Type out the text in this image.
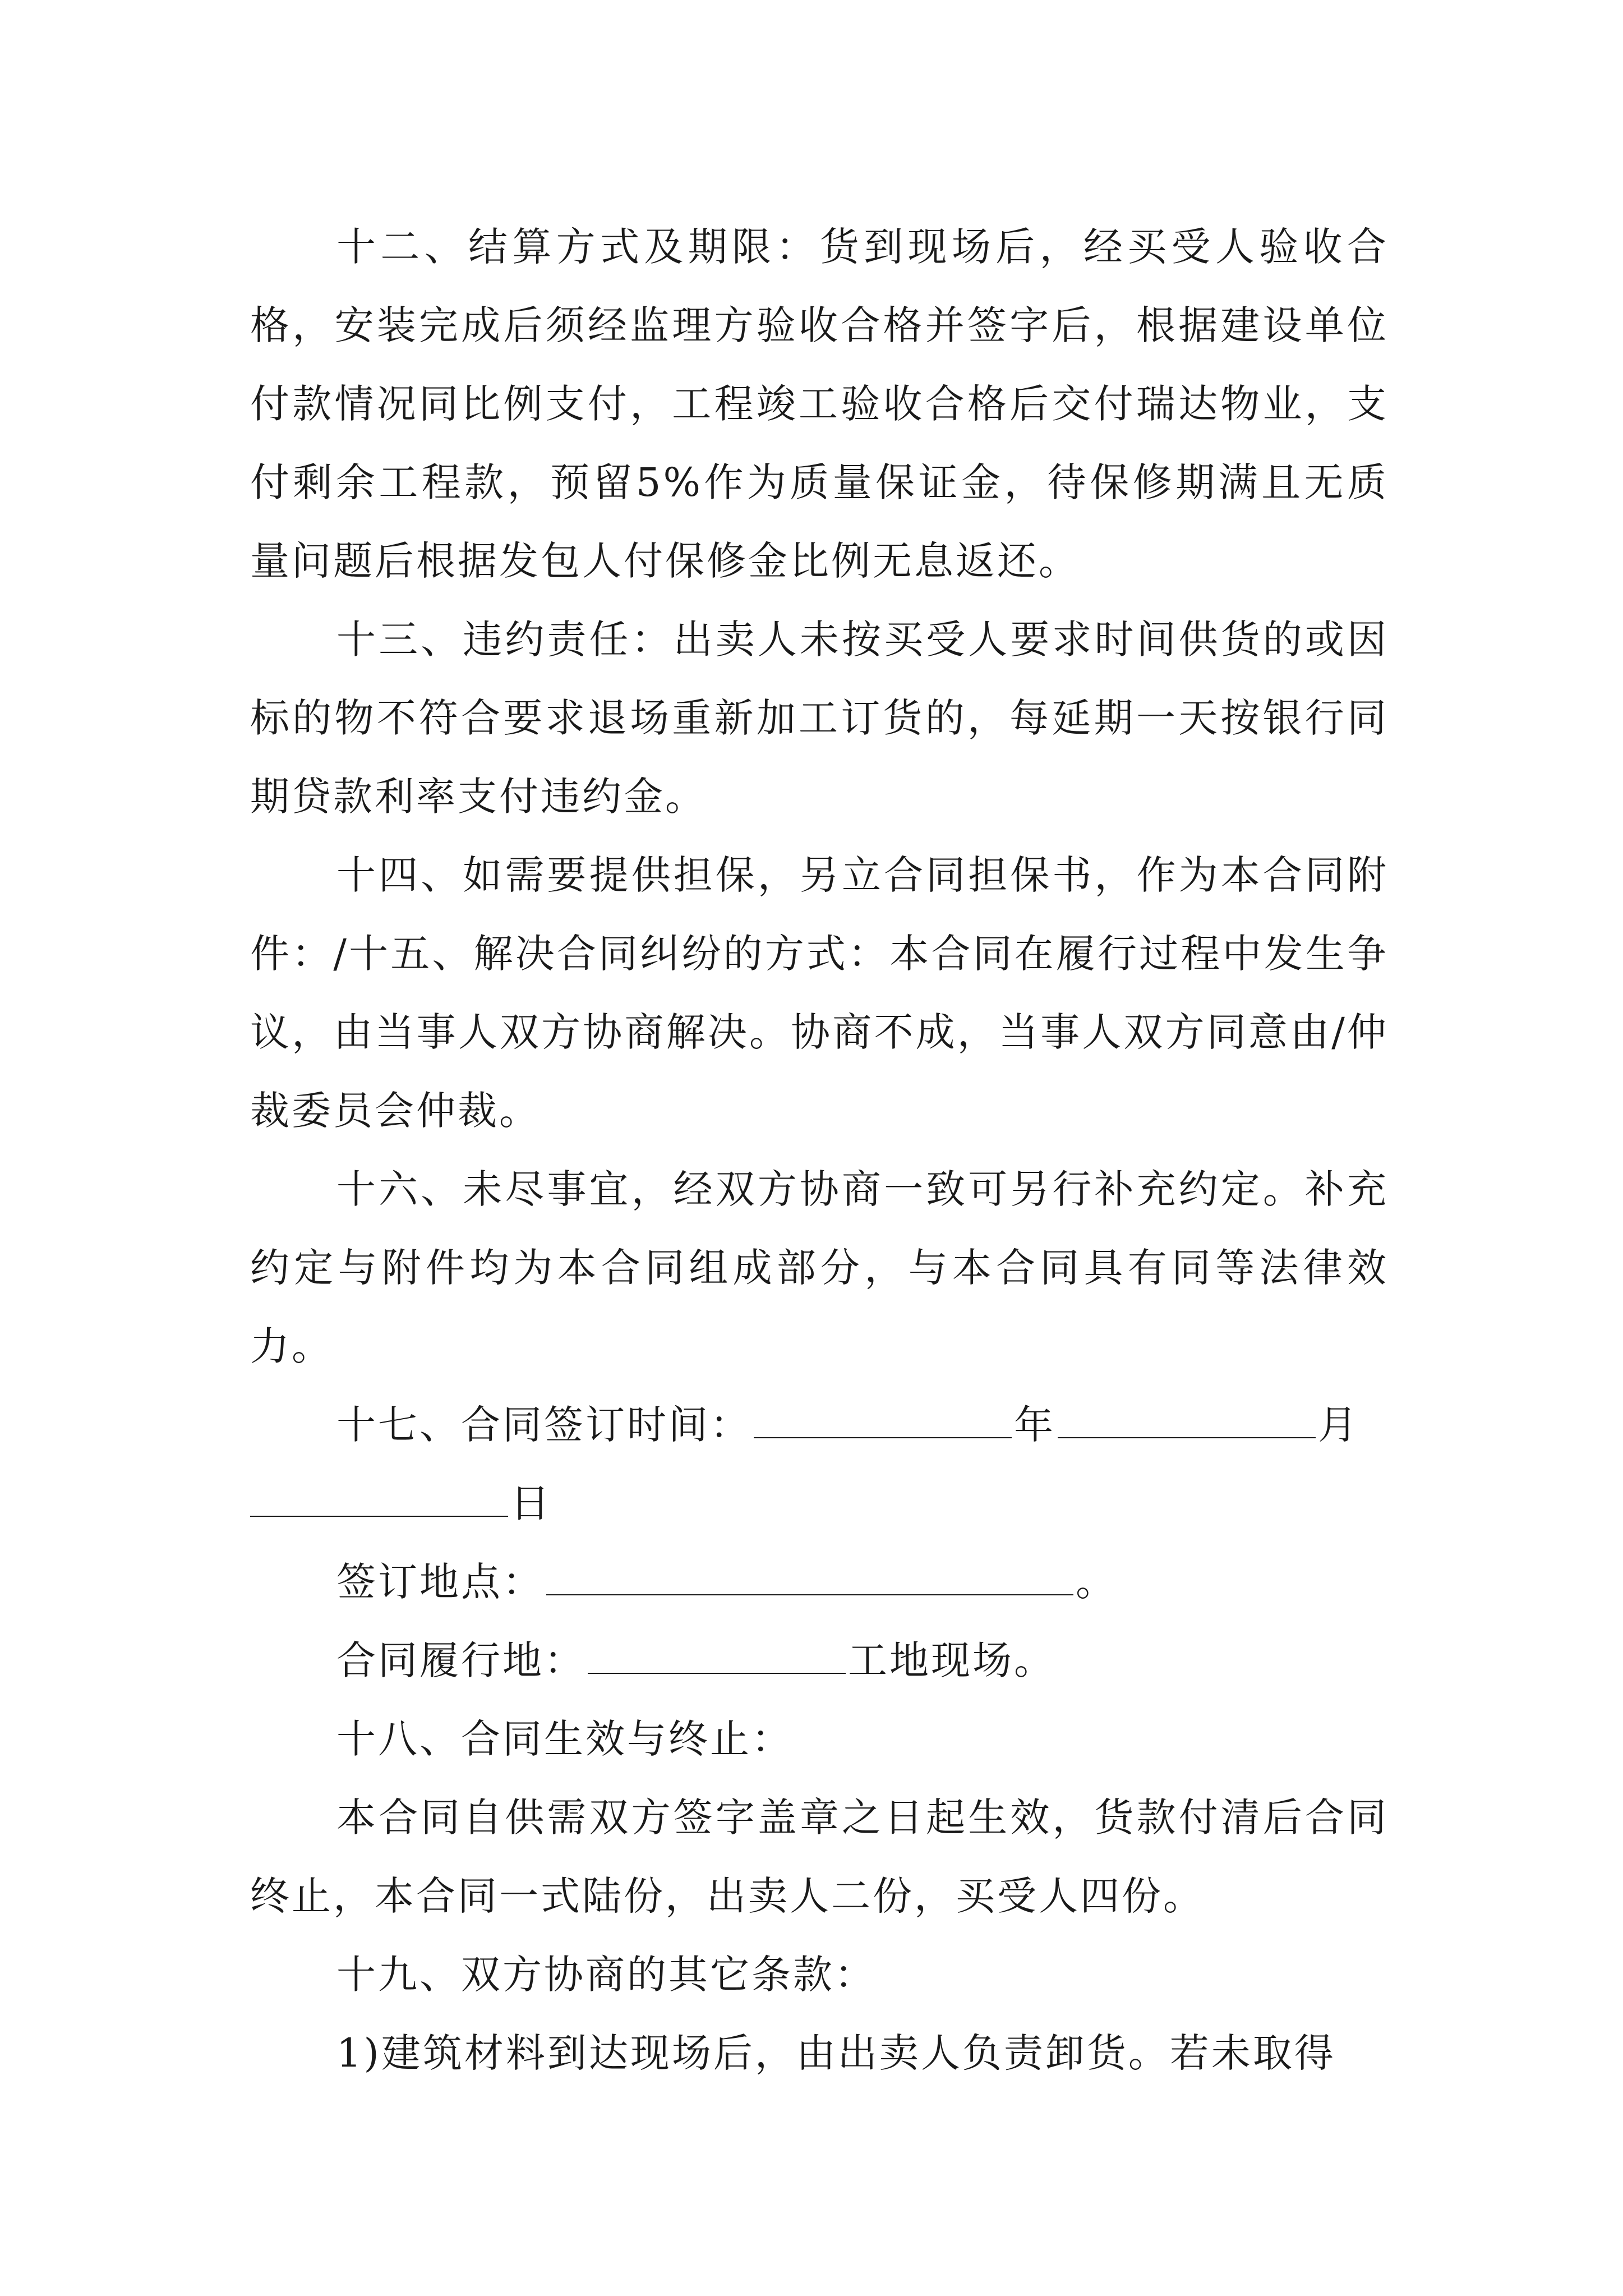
十二、结算方式及期限：货到现场后，经买受人验收合格，安装完成后须经监理方验收合格并签字后，根据建设单位付款情况同比例支付，工程竣工验收合格后交付瑞达物业，支付剩余工程款，预留5%作为质量保证金，待保修期满且无质量问题后根据发包人付保修金比例无息返还。

十三、违约责任：出卖人未按买受人要求时间供货的或因标的物不符合要求退场重新加工订货的，每延期一天按银行同期贷款利率支付违约金。

十四、如需要提供担保，另立合同担保书，作为本合同附件：/十五、解决合同纠纷的方式：本合同在履行过程中发生争议，由当事人双方协商解决。协商不成，当事人双方同意由/仲裁委员会仲裁。

十六、未尽事宜，经双方协商一致可另行补充约定。补充约定与附件均为本合同组成部分，与本合同具有同等法律效力。

十七、合同签订时间：	年	月
日

签订地点：	。

合同履行地：	工地现场。

十八、合同生效与终止：

本合同自供需双方签字盖章之日起生效，货款付清后合同终止，本合同一式陆份，出卖人二份，买受人四份。

十九、双方协商的其它条款：

1)建筑材料到达现场后，由出卖人负责卸货。若未取得
